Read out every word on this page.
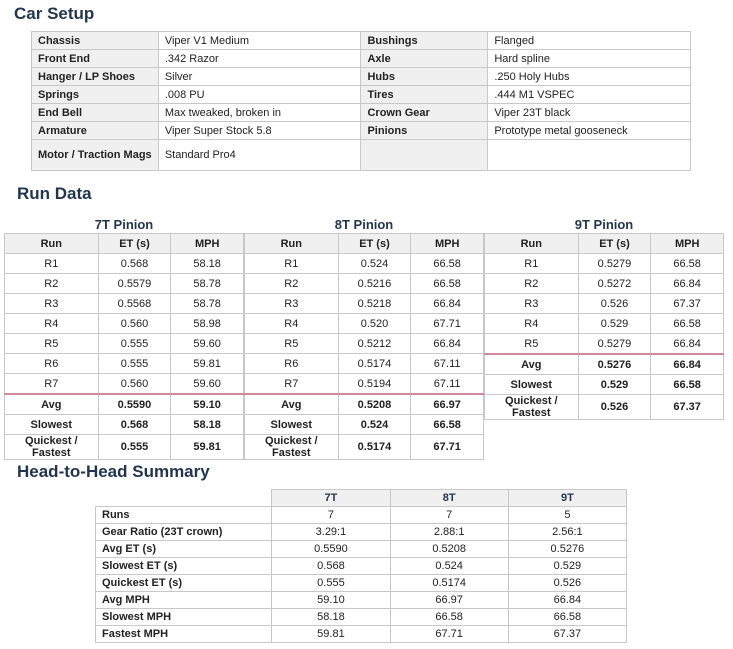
Car Setup
Chassis	Viper V1 Medium	Bushings	Flanged
Front End	.342 Razor	Axle	Hard spline
Hanger / LP Shoes	Silver	Hubs	.250 Holy Hubs
Springs	.008 PU	Tires	.444 M1 VSPEC
End Bell	Max tweaked, broken in	Crown Gear	Viper 23T black
Armature	Viper Super Stock 5.8	Pinions	Prototype metal gooseneck
Motor / Traction Mags	Standard Pro4		
Run Data
7T Pinion		
Run	ET (s)	MPH
R1	0.568	58.18
R2	0.5579	58.78
R3	0.5568	58.78
R4	0.560	58.98
R5	0.555	59.60
R6	0.555	59.81
R7	0.560	59.60
Avg	0.5590	59.10
Slowest	0.568	58.18
Quickest / Fastest	0.555	59.81
8T Pinion		
Run	ET (s)	MPH
R1	0.524	66.58
R2	0.5216	66.58
R3	0.5218	66.84
R4	0.520	67.71
R5	0.5212	66.84
R6	0.5174	67.11
R7	0.5194	67.11
Avg	0.5208	66.97
Slowest	0.524	66.58
Quickest / Fastest	0.5174	67.71
9T Pinion		
Run	ET (s)	MPH
R1	0.5279	66.58
R2	0.5272	66.84
R3	0.526	67.37
R4	0.529	66.58
R5	0.5279	66.84
Avg	0.5276	66.84
Slowest	0.529	66.58
Quickest / Fastest	0.526	67.37
Head-to-Head Summary
	7T	8T	9T
Runs	7	7	5
Gear Ratio (23T crown)	3.29:1	2.88:1	2.56:1
Avg ET (s)	0.5590	0.5208	0.5276
Slowest ET (s)	0.568	0.524	0.529
Quickest ET (s)	0.555	0.5174	0.526
Avg MPH	59.10	66.97	66.84
Slowest MPH	58.18	66.58	66.58
Fastest MPH	59.81	67.71	67.37
